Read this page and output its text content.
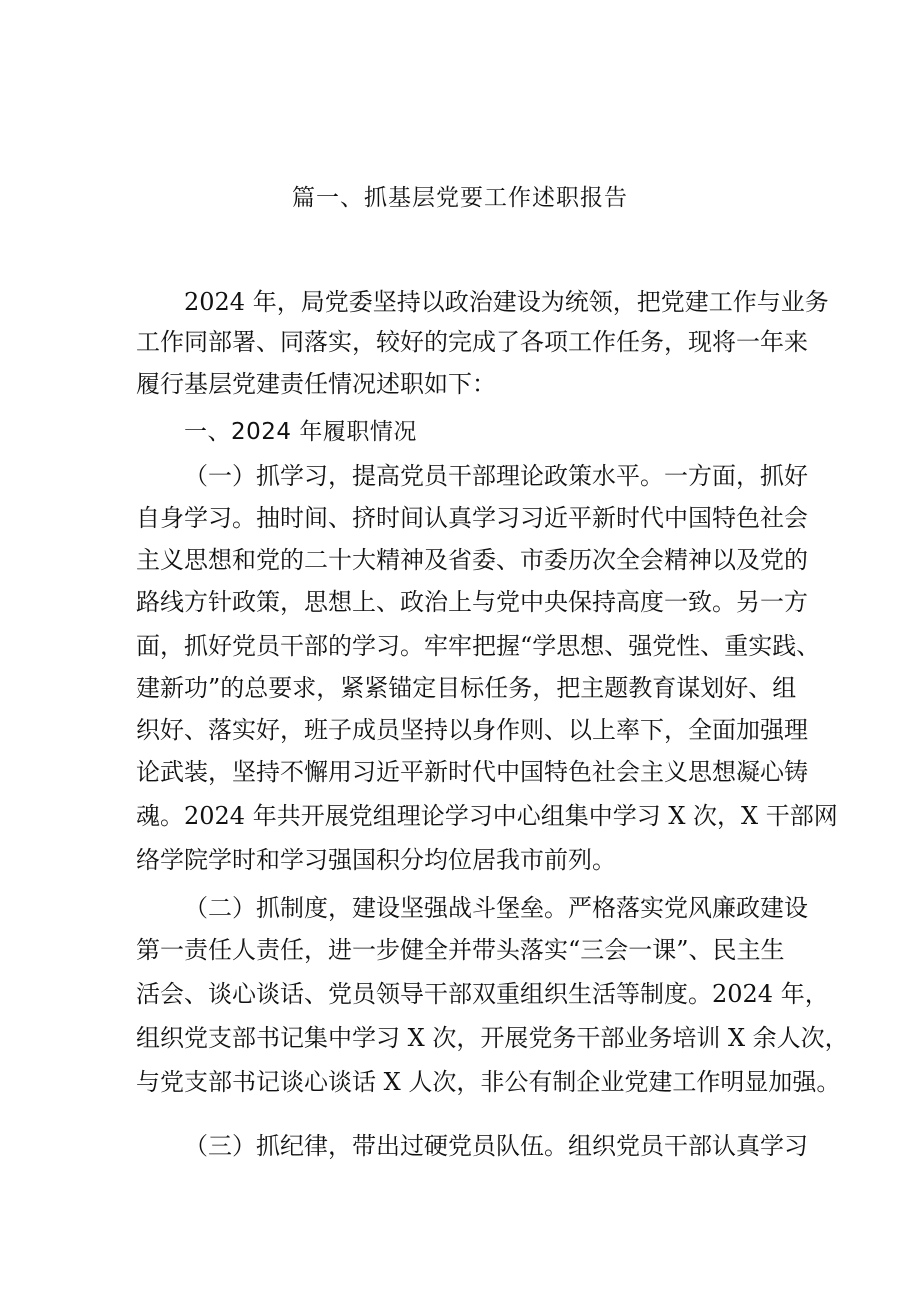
篇一、抓基层党要工作述职报告
2024 年，局党委坚持以政治建设为统领，把党建工作与业务
工作同部署、同落实，较好的完成了各项工作任务，现将一年来
履行基层党建责任情况述职如下：
一、2024 年履职情况
（一）抓学习，提高党员干部理论政策水平。一方面，抓好
自身学习。抽时间、挤时间认真学习习近平新时代中国特色社会
主义思想和党的二十大精神及省委、市委历次全会精神以及党的
路线方针政策，思想上、政治上与党中央保持高度一致。另一方
面，抓好党员干部的学习。牢牢把握“学思想、强党性、重实践、
建新功”的总要求，紧紧锚定目标任务，把主题教育谋划好、组
织好、落实好，班子成员坚持以身作则、以上率下，全面加强理
论武装，坚持不懈用习近平新时代中国特色社会主义思想凝心铸
魂。2024 年共开展党组理论学习中心组集中学习 X 次，X 干部网
络学院学时和学习强国积分均位居我市前列。
（二）抓制度，建设坚强战斗堡垒。严格落实党风廉政建设
第一责任人责任，进一步健全并带头落实“三会一课”、民主生
活会、谈心谈话、党员领导干部双重组织生活等制度。2024 年，
组织党支部书记集中学习 X 次，开展党务干部业务培训 X 余人次，
与党支部书记谈心谈话 X 人次，非公有制企业党建工作明显加强。
（三）抓纪律，带出过硬党员队伍。组织党员干部认真学习
